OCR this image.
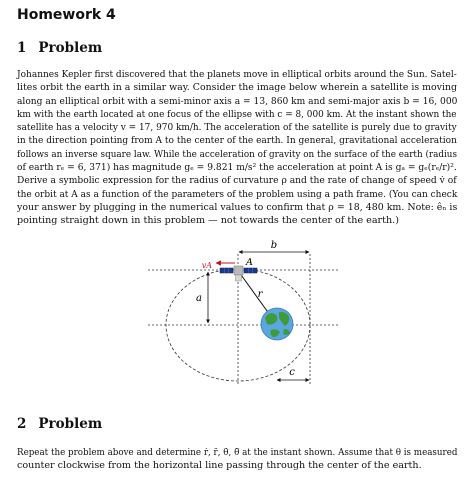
Homework 4
1 Problem
Johannes Kepler first discovered that the planets move in elliptical orbits around the Sun. Satel-
lites orbit the earth in a similar way. Consider the image below wherein a satellite is moving
along an elliptical orbit with a semi-minor axis a = 13, 860 km and semi-major axis b = 16, 000
km with the earth located at one focus of the ellipse with c = 8, 000 km. At the instant shown the
satellite has a velocity v = 17, 970 km/h. The acceleration of the satellite is purely due to gravity
in the direction pointing from A to the center of the earth. In general, gravitational acceleration
follows an inverse square law. While the acceleration of gravity on the surface of the earth (radius
of earth rₑ = 6, 371) has magnitude gₑ = 9.821 m/s² the acceleration at point A is gₐ = gₑ(rₑ/r)².
Derive a symbolic expression for the radius of curvature ρ and the rate of change of speed v̇ of
the orbit at A as a function of the parameters of the problem using a path frame. (You can check
your answer by plugging in the numerical values to confirm that ρ = 18, 480 km. Note: êₙ is
pointing straight down in this problem — not towards the center of the earth.)
b
a
c
r
vA	A
2 Problem
Repeat the problem above and determine ṙ, r̈, θ̇, θ̈ at the instant shown. Assume that θ is measured
counter clockwise from the horizontal line passing through the center of the earth.
